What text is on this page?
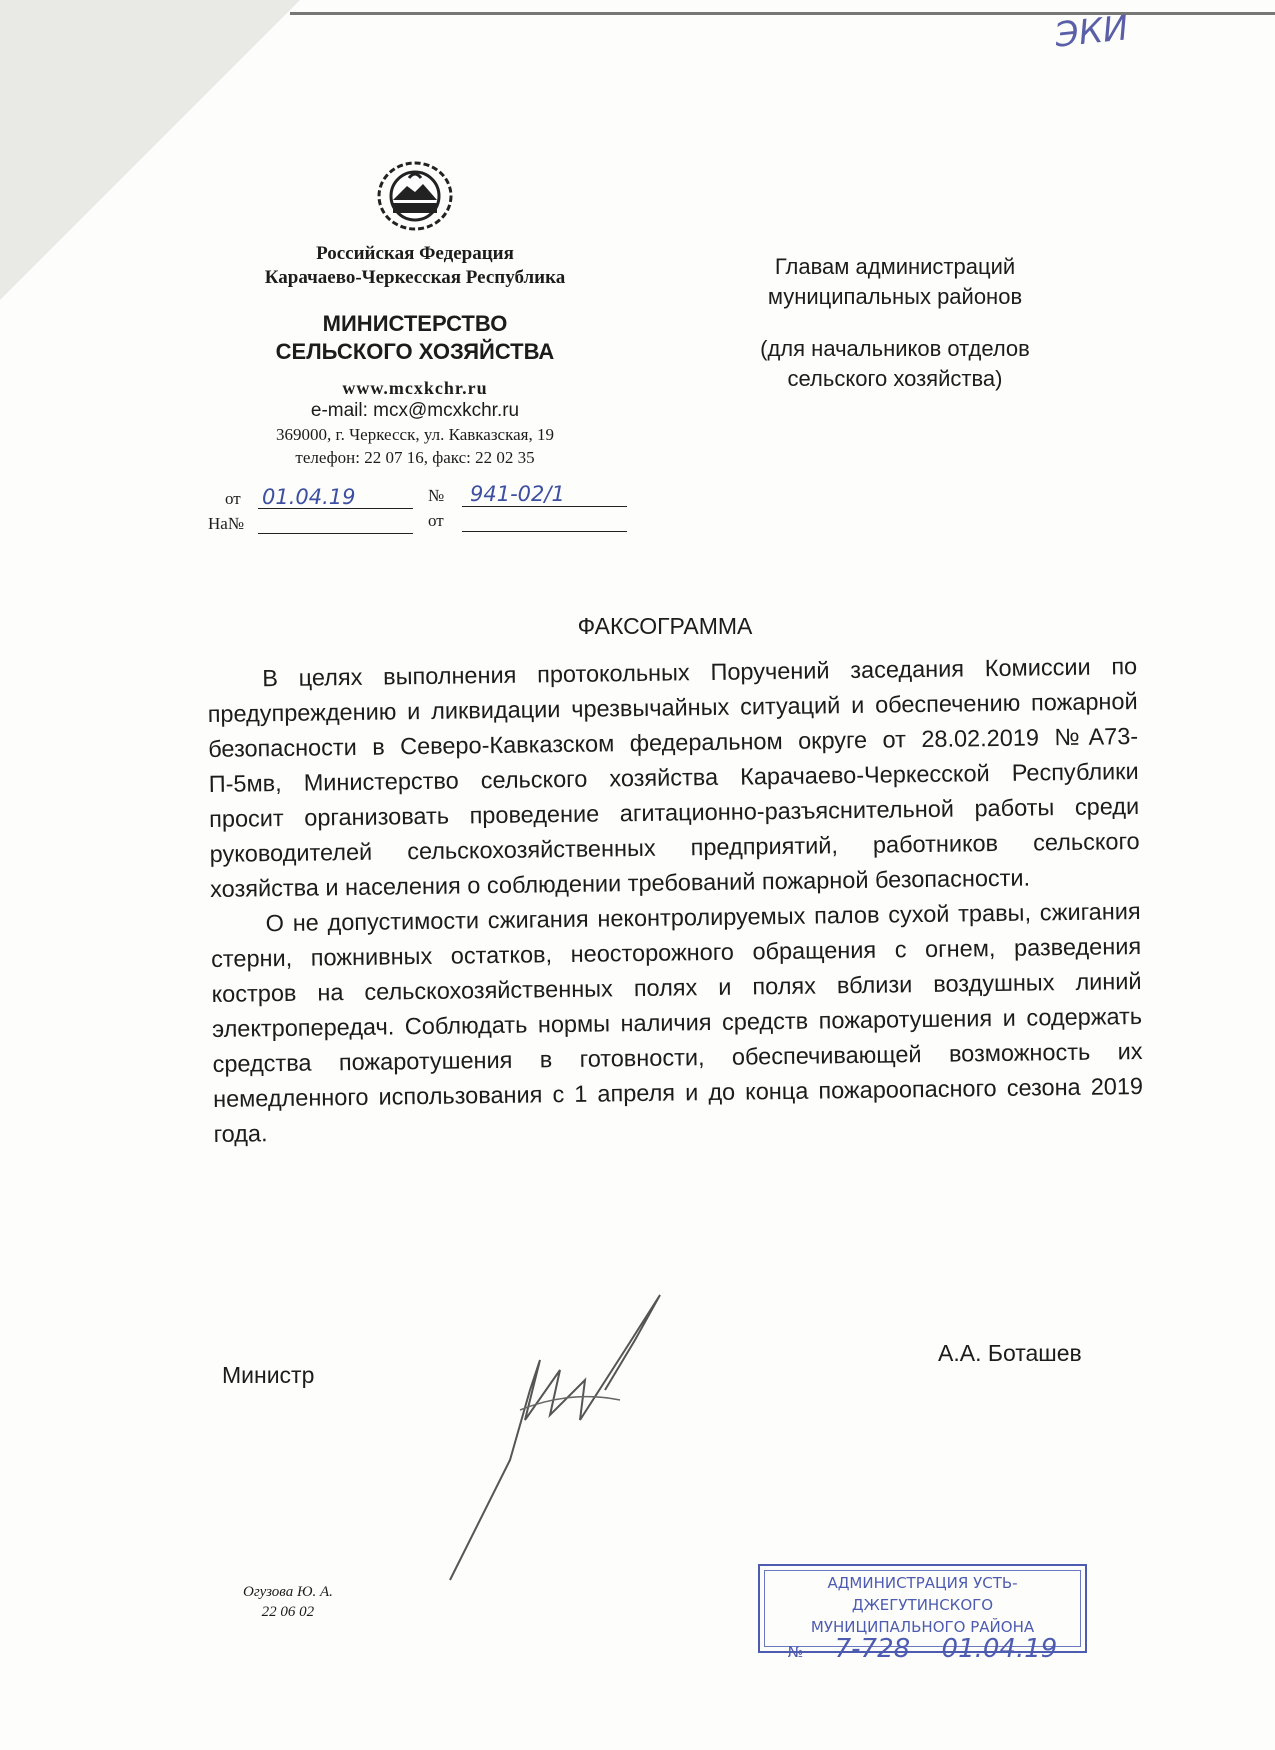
ЭКИ
Российская Федерация
Карачаево-Черкесская Республика
МИНИСТЕРСТВО
СЕЛЬСКОГО ХОЗЯЙСТВА
www.mcxkchr.ru
e-mail: mcx@mcxkchr.ru
369000, г. Черкесск, ул. Кавказская, 19
телефон: 22 07 16, факс: 22 02 35
от 01.04.19	№ 941-02/1
На№	от
Главам администраций
муниципальных районов
(для начальников отделов
сельского хозяйства)
ФАКСОГРАММА

В целях выполнения протокольных Поручений заседания Комиссии по предупреждению и ликвидации чрезвычайных ситуаций и обеспечению пожарной безопасности в Северо-Кавказском федеральном округе от 28.02.2019 №А73-П-5мв, Министерство сельского хозяйства Карачаево-Черкесской Республики просит организовать проведение агитационно-разъяснительной работы среди руководителей сельскохозяйственных предприятий, работников сельского хозяйства и населения о соблюдении требований пожарной безопасности.

О не допустимости сжигания неконтролируемых палов сухой травы, сжигания стерни, пожнивных остатков, неосторожного обращения с огнем, разведения костров на сельскохозяйственных полях и полях вблизи воздушных линий электропередач. Соблюдать нормы наличия средств пожаротушения и содержать средства пожаротушения в готовности, обеспечивающей возможность их немедленного использования с 1 апреля и до конца пожароопасного сезона 2019 года.

Министр
А.А. Боташев
Огузова Ю. А.
22 06 02
АДМИНИСТРАЦИЯ УСТЬ-ДЖЕГУТИНСКОГО
МУНИЦИПАЛЬНОГО РАЙОНА
№ 7-728 01.04.19
